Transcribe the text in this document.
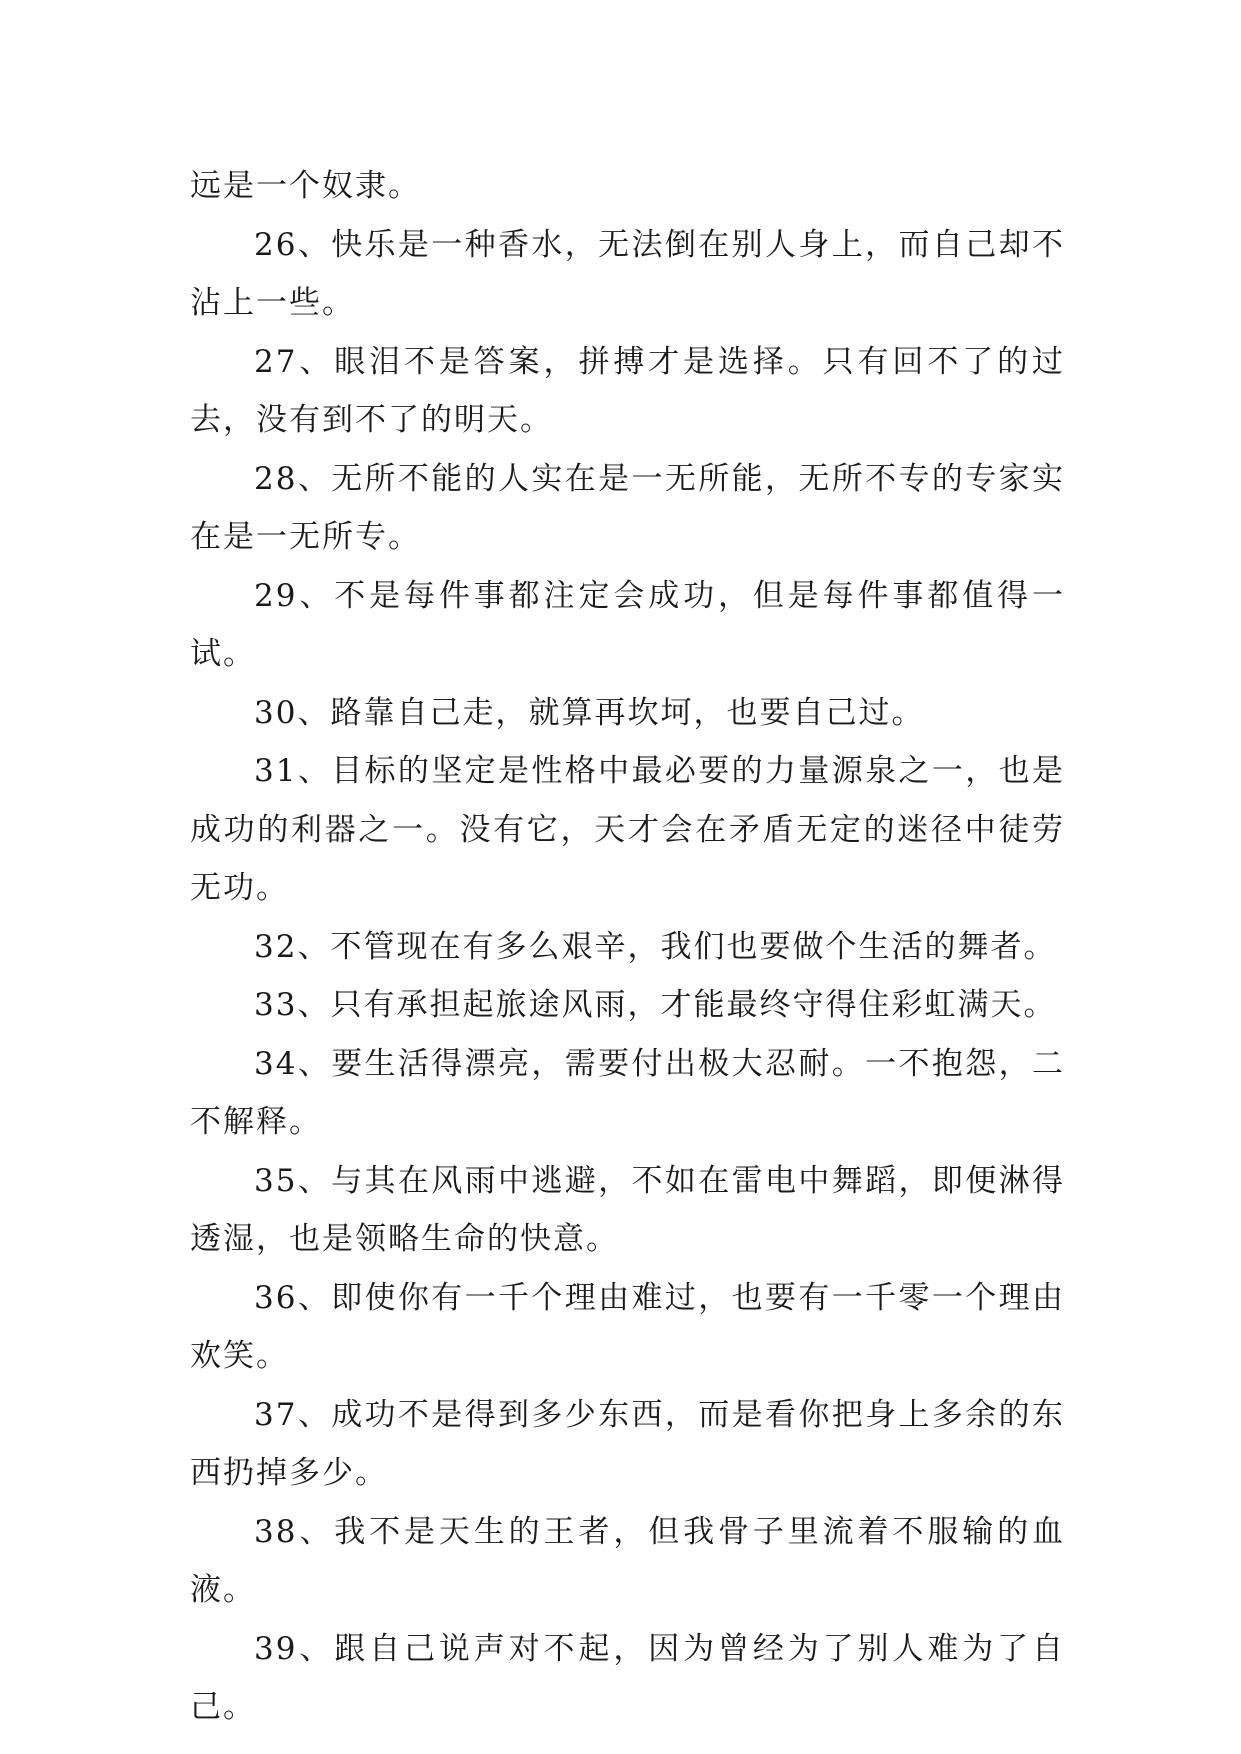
远是一个奴隶。

26、快乐是一种香水，无法倒在别人身上，而自己却不沾上一些。

27、眼泪不是答案，拼搏才是选择。只有回不了的过去，没有到不了的明天。

28、无所不能的人实在是一无所能，无所不专的专家实在是一无所专。

29、不是每件事都注定会成功，但是每件事都值得一试。

30、路靠自己走，就算再坎坷，也要自己过。

31、目标的坚定是性格中最必要的力量源泉之一，也是成功的利器之一。没有它，天才会在矛盾无定的迷径中徒劳无功。

32、不管现在有多么艰辛，我们也要做个生活的舞者。

33、只有承担起旅途风雨，才能最终守得住彩虹满天。

34、要生活得漂亮，需要付出极大忍耐。一不抱怨，二不解释。

35、与其在风雨中逃避，不如在雷电中舞蹈，即便淋得透湿，也是领略生命的快意。

36、即使你有一千个理由难过，也要有一千零一个理由欢笑。

37、成功不是得到多少东西，而是看你把身上多余的东西扔掉多少。

38、我不是天生的王者，但我骨子里流着不服输的血液。

39、跟自己说声对不起，因为曾经为了别人难为了自己。
